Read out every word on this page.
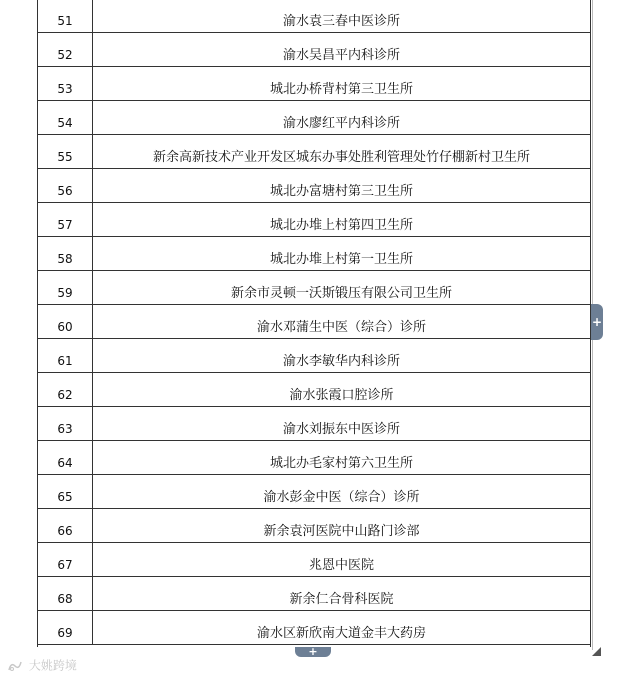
51	渝水袁三春中医诊所
52	渝水吴昌平内科诊所
53	城北办桥背村第三卫生所
54	渝水廖红平内科诊所
55	新余高新技术产业开发区城东办事处胜利管理处竹仔棚新村卫生所
56	城北办富塘村第三卫生所
57	城北办堆上村第四卫生所
58	城北办堆上村第一卫生所
59	新余市灵顿一沃斯锻压有限公司卫生所
60	渝水邓蒲生中医（综合）诊所
61	渝水李敏华内科诊所
62	渝水张霞口腔诊所
63	渝水刘振东中医诊所
64	城北办毛家村第六卫生所
65	渝水彭金中医（综合）诊所
66	新余袁河医院中山路门诊部
67	兆恩中医院
68	新余仁合骨科医院
69	渝水区新欣南大道金丰大药房
+
+
大姚跨境
